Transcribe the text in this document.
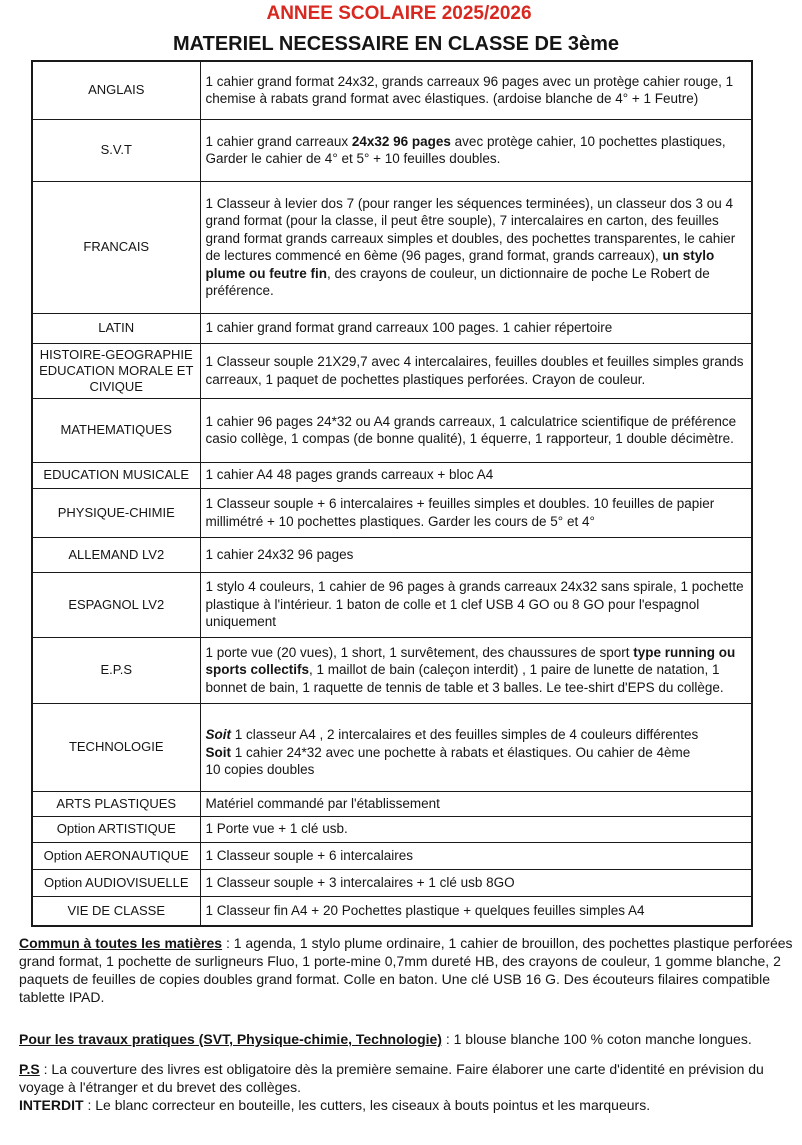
ANNEE SCOLAIRE 2025/2026
MATERIEL NECESSAIRE EN CLASSE DE 3ème
ANGLAIS	1 cahier grand format 24x32, grands carreaux 96 pages avec un protège cahier rouge, 1 chemise à rabats grand format avec élastiques. (ardoise blanche de 4° + 1 Feutre)
S.V.T	1 cahier grand carreaux 24x32 96 pages avec protège cahier, 10 pochettes plastiques, Garder le cahier de 4° et 5° + 10 feuilles doubles.
FRANCAIS	1 Classeur à levier dos 7 (pour ranger les séquences terminées), un classeur dos 3 ou 4 grand format (pour la classe, il peut être souple), 7 intercalaires en carton, des feuilles grand format grands carreaux simples et doubles, des pochettes transparentes, le cahier de lectures commencé en 6ème (96 pages, grand format, grands carreaux), un stylo plume ou feutre fin, des crayons de couleur, un dictionnaire de poche Le Robert de préférence.
LATIN	1 cahier grand format grand carreaux 100 pages. 1 cahier répertoire
HISTOIRE-GEOGRAPHIE EDUCATION MORALE ET CIVIQUE	1 Classeur souple 21X29,7 avec 4 intercalaires, feuilles doubles et feuilles simples grands carreaux, 1 paquet de pochettes plastiques perforées. Crayon de couleur.
MATHEMATIQUES	1 cahier 96 pages 24*32 ou A4 grands carreaux, 1 calculatrice scientifique de préférence casio collège, 1 compas (de bonne qualité), 1 équerre, 1 rapporteur, 1 double décimètre.
EDUCATION MUSICALE	1 cahier A4 48 pages grands carreaux + bloc A4
PHYSIQUE-CHIMIE	1 Classeur souple + 6 intercalaires + feuilles simples et doubles. 10 feuilles de papier millimétré + 10 pochettes plastiques. Garder les cours de 5° et 4°
ALLEMAND LV2	1 cahier 24x32 96 pages
ESPAGNOL LV2	1 stylo 4 couleurs, 1 cahier de 96 pages à grands carreaux 24x32 sans spirale, 1 pochette plastique à l'intérieur. 1 baton de colle et 1 clef USB 4 GO ou 8 GO pour l'espagnol uniquement
E.P.S	1 porte vue (20 vues), 1 short, 1 survêtement, des chaussures de sport type running ou sports collectifs, 1 maillot de bain (caleçon interdit) , 1 paire de lunette de natation, 1 bonnet de bain, 1 raquette de tennis de table et 3 balles. Le tee-shirt d'EPS du collège.
TECHNOLOGIE	Soit 1 classeur A4 , 2 intercalaires et des feuilles simples de 4 couleurs différentes
Soit 1 cahier 24*32 avec une pochette à rabats et élastiques. Ou cahier de 4ème
10 copies doubles

ARTS PLASTIQUES	Matériel commandé par l'établissement
Option ARTISTIQUE	1 Porte vue + 1 clé usb.
Option AERONAUTIQUE	1 Classeur souple + 6 intercalaires
Option AUDIOVISUELLE	1 Classeur souple + 3 intercalaires + 1 clé usb 8GO
VIE DE CLASSE	1 Classeur fin A4 + 20 Pochettes plastique + quelques feuilles simples A4

Commun à toutes les matières : 1 agenda, 1 stylo plume ordinaire, 1 cahier de brouillon, des pochettes plastique perforées grand format, 1 pochette de surligneurs Fluo, 1 porte-mine 0,7mm dureté HB, des crayons de couleur, 1 gomme blanche, 2 paquets de feuilles de copies doubles grand format. Colle en baton. Une clé USB 16 G. Des écouteurs filaires compatible tablette IPAD.

Pour les travaux pratiques (SVT, Physique-chimie, Technologie) : 1 blouse blanche 100 % coton manche longues.

P.S : La couverture des livres est obligatoire dès la première semaine. Faire élaborer une carte d'identité en prévision du voyage à l'étranger et du brevet des collèges.

INTERDIT : Le blanc correcteur en bouteille, les cutters, les ciseaux à bouts pointus et les marqueurs.
